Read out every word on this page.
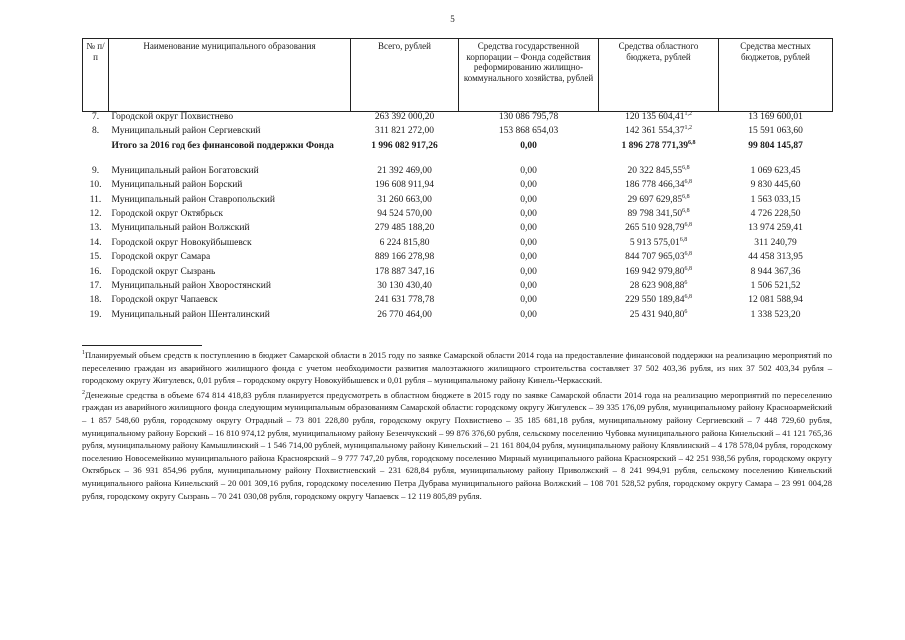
5
№ п/п	Наименование муниципального образования	Всего, рублей	Средства государственной корпорации – Фонда содействия реформированию жилищно-коммунального хозяйства, рублей	Средства областного бюджета, рублей	Средства местных бюджетов, рублей
7.	Городской округ Похвистнево	263 392 000,20	130 086 795,78	120 135 604,41$^{1,2}$	13 169 600,01
8.	Муниципальный район Сергиевский	311 821 272,00	153 868 654,03	142 361 554,37$^{1,2}$	15 591 063,60
	Итого за 2016 год без финансовой поддержки Фонда	1 996 082 917,26	0,00	1 896 278 771,39$^{6,8}$	99 804 145,87
9.	Муниципальный район Богатовский	21 392 469,00	0,00	20 322 845,55$^{6,8}$	1 069 623,45
10.	Муниципальный район Борский	196 608 911,94	0,00	186 778 466,34$^{6,8}$	9 830 445,60
11.	Муниципальный район Ставропольский	31 260 663,00	0,00	29 697 629,85$^{6,8}$	1 563 033,15
12.	Городской округ Октябрьск	94 524 570,00	0,00	89 798 341,50$^{6,8}$	4 726 228,50
13.	Муниципальный район Волжский	279 485 188,20	0,00	265 510 928,79$^{6,8}$	13 974 259,41
14.	Городской округ Новокуйбышевск	6 224 815,80	0,00	5 913 575,01$^{6,8}$	311 240,79
15.	Городской округ Самара	889 166 278,98	0,00	844 707 965,03$^{6,8}$	44 458 313,95
16.	Городской округ Сызрань	178 887 347,16	0,00	169 942 979,80$^{6,8}$	8 944 367,36
17.	Муниципальный район Хворостянский	30 130 430,40	0,00	28 623 908,88$^6$	1 506 521,52
18.	Городской округ Чапаевск	241 631 778,78	0,00	229 550 189,84$^{6,8}$	12 081 588,94
19.	Муниципальный район Шенталинский	26 770 464,00	0,00	25 431 940,80$^6$	1 338 523,20

$^1$Планируемый объем средств к поступлению в бюджет Самарской области в 2015 году по заявке Самарской области 2014 года на предоставление финансовой поддержки на реализацию мероприятий по переселению граждан из аварийного жилищного фонда с учетом необходимости развития малоэтажного жилищного строительства составляет 37 502 403,36 рубля, из них 37 502 403,34 рубля – городскому округу Жигулевск, 0,01 рубля – городскому округу Новокуйбышевск и 0,01 рубля – муниципальному району Кинель-Черкасский.

$^2$Денежные средства в объеме 674 814 418,83 рубля планируется предусмотреть в областном бюджете в 2015 году по заявке Самарской области 2014 года на реализацию мероприятий по переселению граждан из аварийного жилищного фонда следующим муниципальным образованиям Самарской области: городскому округу Жигулевск – 39 335 176,09 рубля, муниципальному району Красноармейский – 1 857 548,60 рубля, городскому округу Отрадный – 73 801 228,80 рубля, городскому округу Похвистнево – 35 185 681,18 рубля, муниципальному району Сергиевский – 7 448 729,60 рубля, муниципальному району Борский – 16 810 974,12 рубля, муниципальному району Безенчукский – 99 876 376,60 рубля, сельскому поселению Чубовка муниципального района Кинельский – 41 121 765,36 рубля, муниципальному району Камышлинский – 1 546 714,00 рублей, муниципальному району Кинельский – 21 161 804,04 рубля, муниципальному району Клявлинский – 4 178 578,04 рубля, городскому поселению Новосемейкино муниципального района Красноярский – 9 777 747,20 рубля, городскому поселению Мирный муниципального района Красноярский – 42 251 938,56 рубля, городскому округу Октябрьск – 36 931 854,96 рубля, муниципальному району Похвистневский – 231 628,84 рубля, муниципальному району Приволжский – 8 241 994,91 рубля, сельскому поселению Кинельский муниципального района Кинельский – 20 001 309,16 рубля, городскому поселению Петра Дубрава муниципального района Волжский – 108 701 528,52 рубля, городскому округу Самара – 23 991 004,28 рубля, городскому округу Сызрань – 70 241 030,08 рубля, городскому округу Чапаевск – 12 119 805,89 рубля.
